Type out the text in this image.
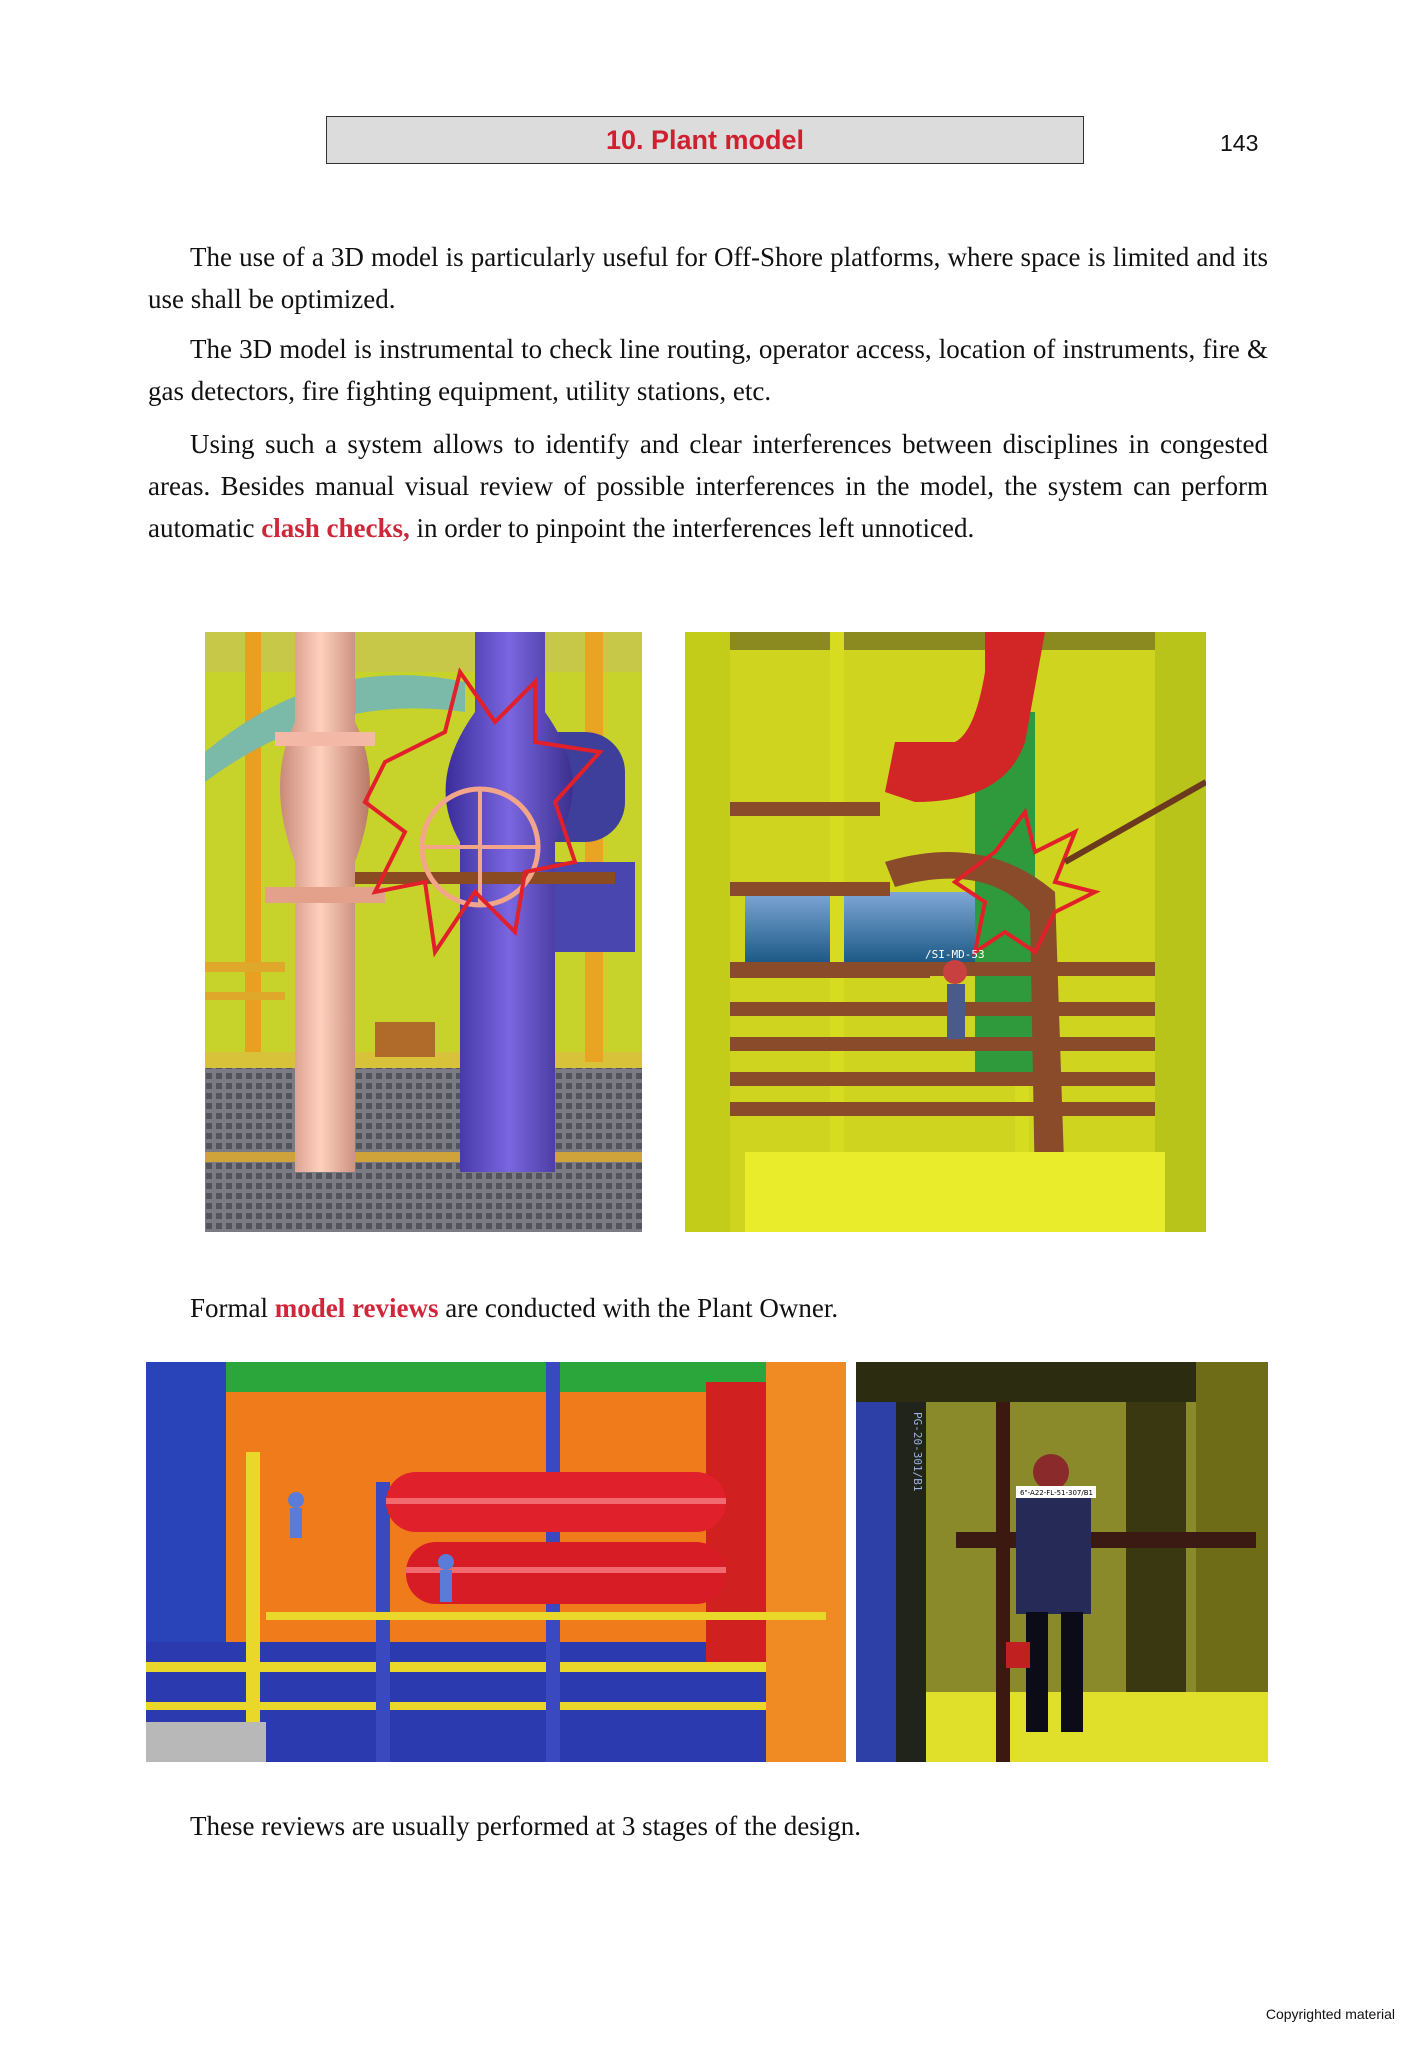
10. Plant model	143

The use of a 3D model is particularly useful for Off-Shore platforms, where space is limited and its use shall be optimized.

The 3D model is instrumental to check line routing, operator access, location of instruments, fire & gas detectors, fire fighting equipment, utility stations, etc.

Using such a system allows to identify and clear interferences between disciplines in congested areas. Besides manual visual review of possible interferences in the model, the system can perform automatic clash checks, in order to pinpoint the interferences left unnoticed.

/SI-MD-53
Formal model reviews are conducted with the Plant Owner.
6"-A22-FL-51-307/B1
PG-20-301/B1
These reviews are usually performed at 3 stages of the design.
Copyrighted material
